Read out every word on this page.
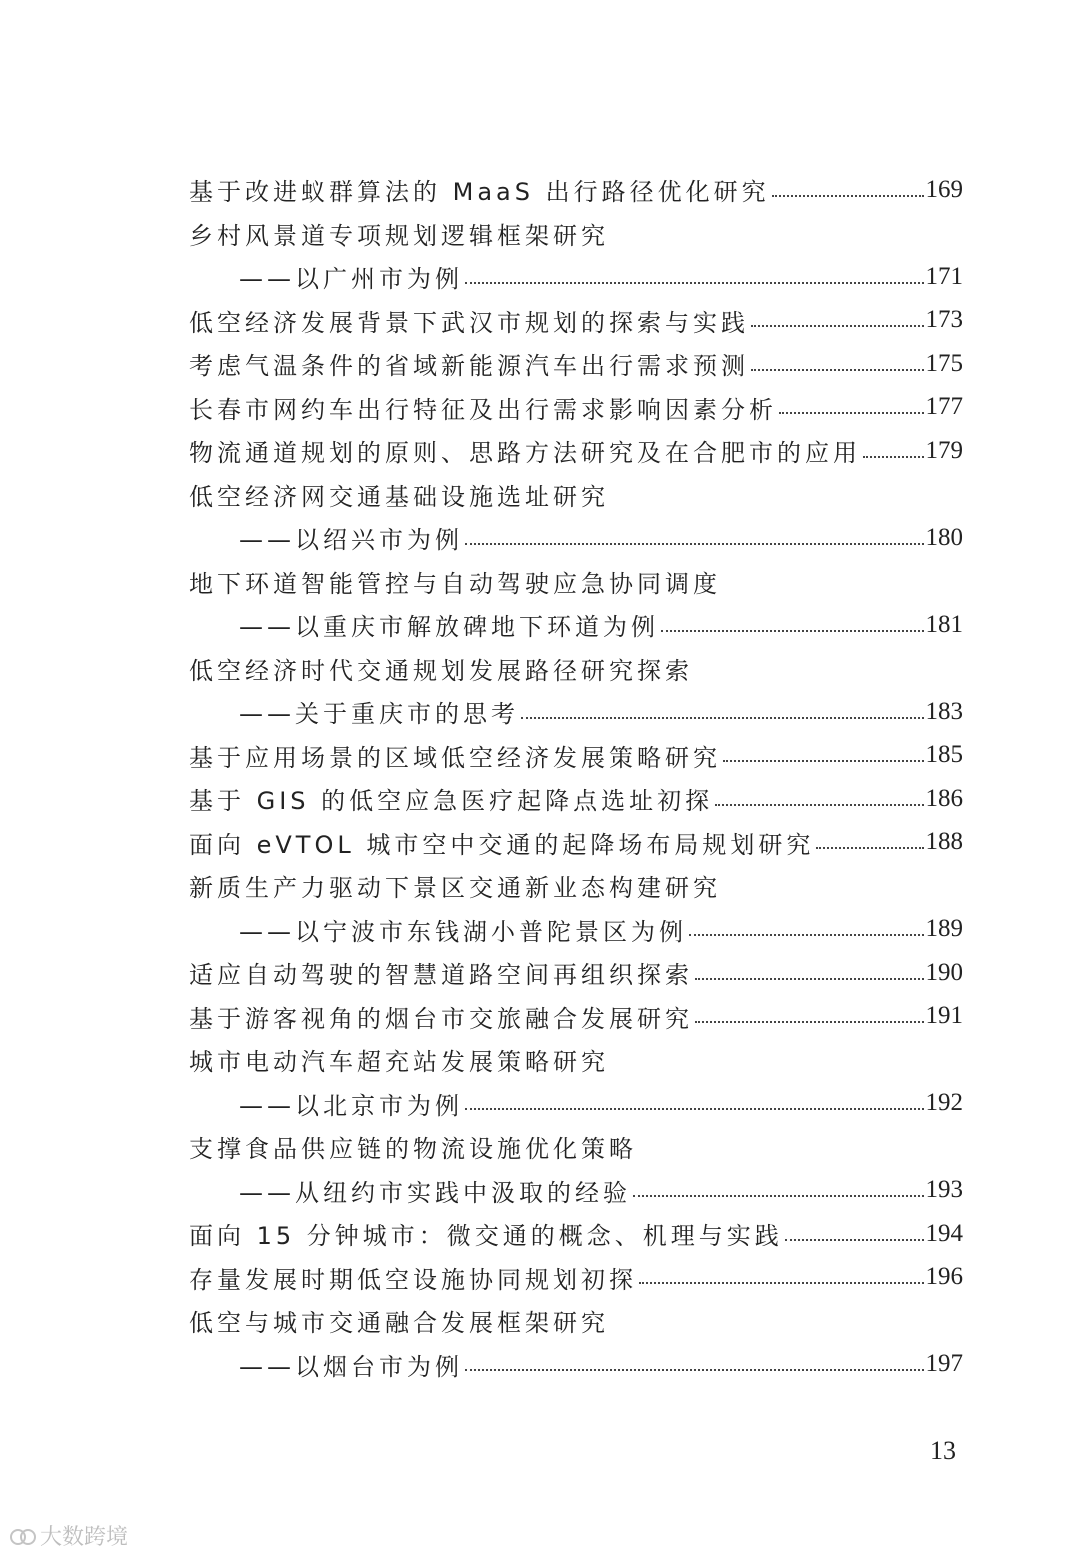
基于改进蚁群算法的 MaaS 出行路径优化研究	169
乡村风景道专项规划逻辑框架研究
——以广州市为例	171
低空经济发展背景下武汉市规划的探索与实践	173
考虑气温条件的省域新能源汽车出行需求预测	175
长春市网约车出行特征及出行需求影响因素分析	177
物流通道规划的原则、思路方法研究及在合肥市的应用	179
低空经济网交通基础设施选址研究
——以绍兴市为例	180
地下环道智能管控与自动驾驶应急协同调度
——以重庆市解放碑地下环道为例	181
低空经济时代交通规划发展路径研究探索
——关于重庆市的思考	183
基于应用场景的区域低空经济发展策略研究	185
基于 GIS 的低空应急医疗起降点选址初探	186
面向 eVTOL 城市空中交通的起降场布局规划研究	188
新质生产力驱动下景区交通新业态构建研究
——以宁波市东钱湖小普陀景区为例	189
适应自动驾驶的智慧道路空间再组织探索	190
基于游客视角的烟台市交旅融合发展研究	191
城市电动汽车超充站发展策略研究
——以北京市为例	192
支撑食品供应链的物流设施优化策略
——从纽约市实践中汲取的经验	193
面向 15 分钟城市：微交通的概念、机理与实践	194
存量发展时期低空设施协同规划初探	196
低空与城市交通融合发展框架研究
——以烟台市为例	197
13
大数跨境
